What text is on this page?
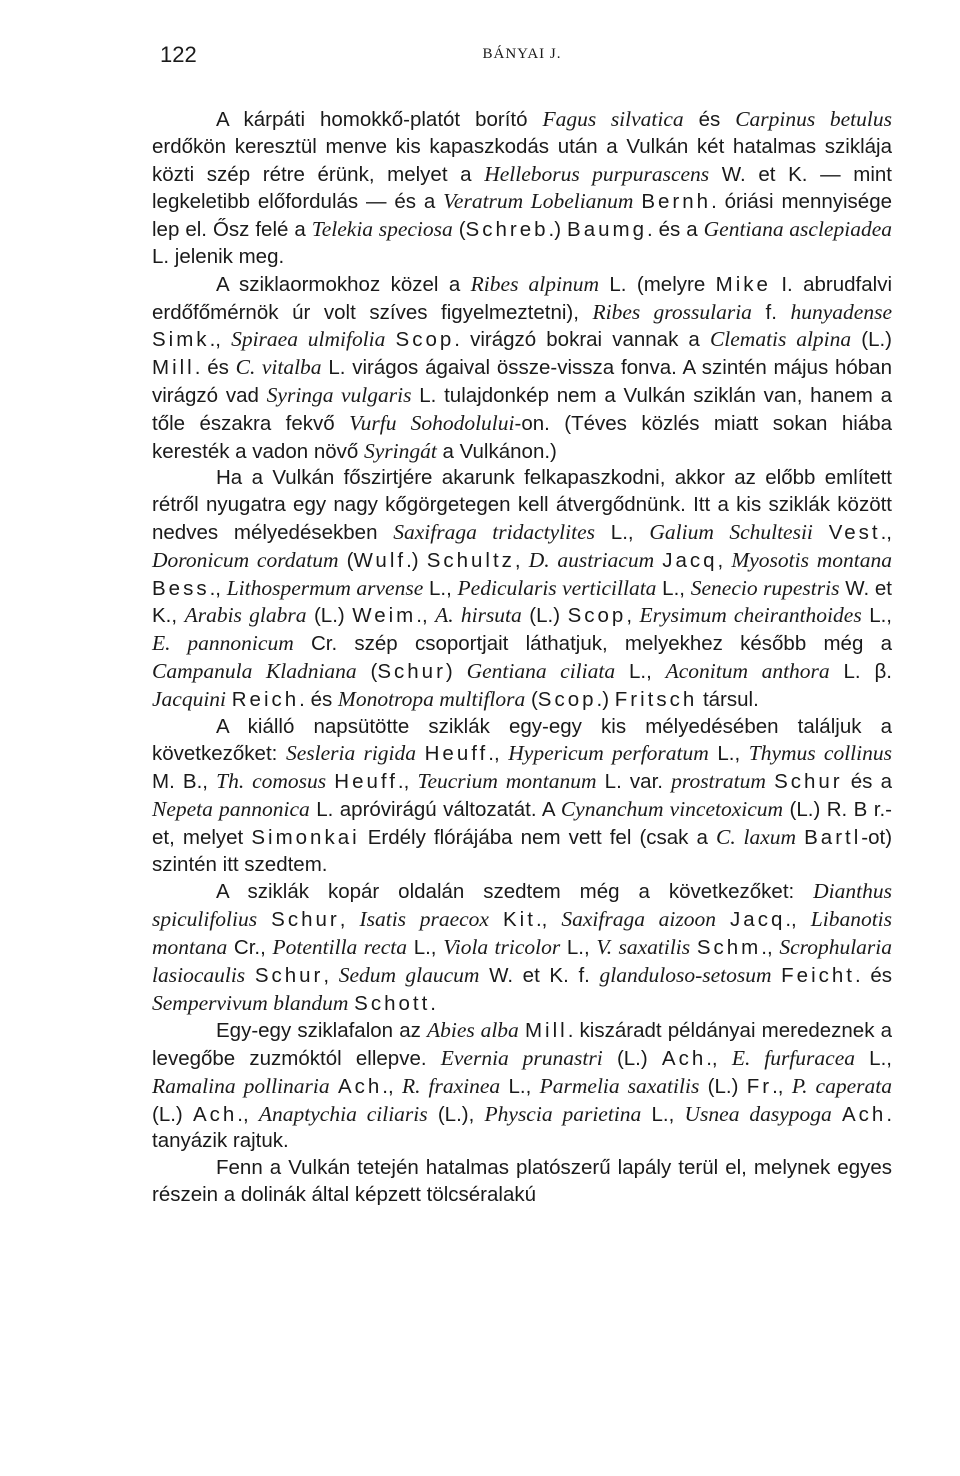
122	BÁNYAI J.

A kárpáti homokkő-platót borító Fagus silvatica és Carpinus betulus erdőkön keresztül menve kis kapaszkodás után a Vulkán két hatalmas sziklája közti szép rétre érünk, melyet a Helleborus purpurascens W. et K. — mint legkeletibb előfordulás — és a Veratrum Lobelianum Bernh. óriási mennyisége lep el. Ősz felé a Telekia speciosa (Schreb.) Baumg. és a Gentiana asclepiadea L. jelenik meg.

A sziklaormokhoz közel a Ribes alpinum L. (melyre Mike I. abrudfalvi erdőfőmérnök úr volt szíves figyelmeztetni), Ribes grossularia f. hunyadense Simk., Spiraea ulmifolia Scop. virágzó bokrai vannak a Clematis alpina (L.) Mill. és C. vitalba L. virágos ágaival össze-vissza fonva. A szintén május hóban virágzó vad Syringa vulgaris L. tulajdonkép nem a Vulkán sziklán van, hanem a tőle északra fekvő Vurfu Sohodolului-on. (Téves közlés miatt sokan hiába keresték a vadon növő Syringát a Vulkánon.)

Ha a Vulkán főszirtjére akarunk felkapaszkodni, akkor az előbb említett rétről nyugatra egy nagy kőgörgetegen kell átvergődnünk. Itt a kis sziklák között nedves mélyedésekben Saxifraga tridactylites L., Galium Schultesii Vest., Doronicum cordatum (Wulf.) Schultz, D. austriacum Jacq, Myosotis montana Bess., Lithospermum arvense L., Pedicularis verticillata L., Senecio rupestris W. et K., Arabis glabra (L.) Weim., A. hirsuta (L.) Scop, Erysimum cheiranthoides L., E. pannonicum Cr. szép csoportjait láthatjuk, melyekhez később még a Campanula Kladniana (Schur) Gentiana ciliata L., Aconitum anthora L. β. Jacquini Reich. és Monotropa multiflora (Scop.) Fritsch társul.

A kiálló napsütötte sziklák egy-egy kis mélyedésében találjuk a következőket: Sesleria rigida Heuff., Hypericum perforatum L., Thymus collinus M. B., Th. comosus Heuff., Teucrium montanum L. var. prostratum Schur és a Nepeta pannonica L. apróvirágú változatát. A Cynanchum vincetoxicum (L.) R. B r.-et, melyet Simonkai Erdély flórájába nem vett fel (csak a C. laxum Bartl-ot) szintén itt szedtem.

A sziklák kopár oldalán szedtem még a következőket: Dianthus spiculifolius Schur, Isatis praecox Kit., Saxifraga aizoon Jacq., Libanotis montana Cr., Potentilla recta L., Viola tricolor L., V. saxatilis Schm., Scrophularia lasiocaulis Schur, Sedum glaucum W. et K. f. glanduloso-setosum Feicht. és Sempervivum blandum Schott.

Egy-egy sziklafalon az Abies alba Mill. kiszáradt példányai meredeznek a levegőbe zuzmóktól ellepve. Evernia prunastri (L.) Ach., E. furfuracea L., Ramalina pollinaria Ach., R. fraxinea L., Parmelia saxatilis (L.) Fr., P. caperata (L.) Ach., Anaptychia ciliaris (L.), Physcia parietina L., Usnea dasypoga Ach. tanyázik rajtuk.

Fenn a Vulkán tetején hatalmas platószerű lapály terül el, melynek egyes részein a dolinák által képzett tölcséralakú
